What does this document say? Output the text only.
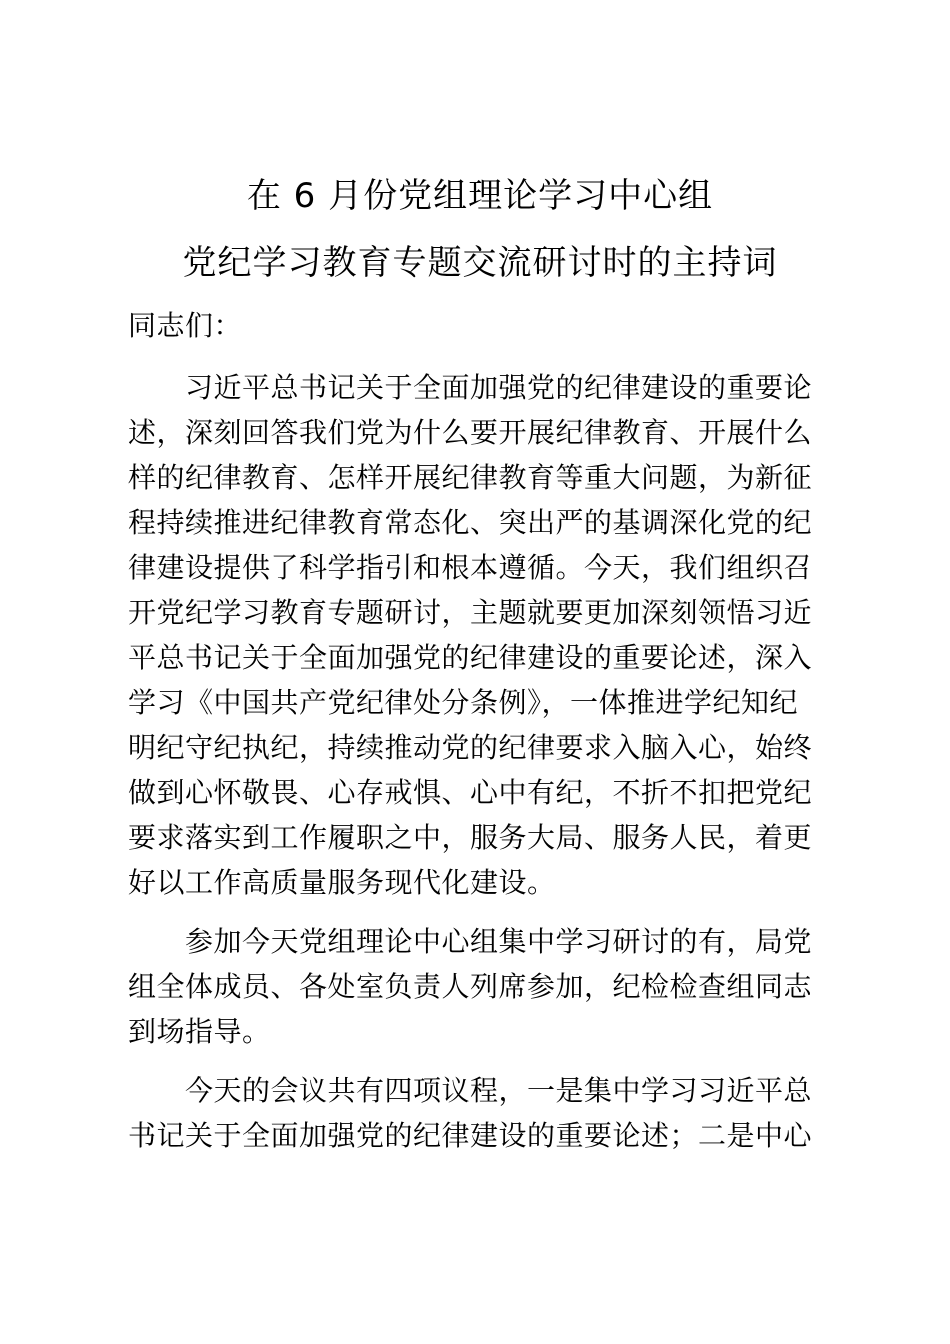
在 6 月份党组理论学习中心组
党纪学习教育专题交流研讨时的主持词
同志们：
习近平总书记关于全面加强党的纪律建设的重要论
述，深刻回答我们党为什么要开展纪律教育、开展什么
样的纪律教育、怎样开展纪律教育等重大问题，为新征
程持续推进纪律教育常态化、突出严的基调深化党的纪
律建设提供了科学指引和根本遵循。今天，我们组织召
开党纪学习教育专题研讨，主题就要更加深刻领悟习近
平总书记关于全面加强党的纪律建设的重要论述，深入
学习《中国共产党纪律处分条例》，一体推进学纪知纪
明纪守纪执纪，持续推动党的纪律要求入脑入心，始终
做到心怀敬畏、心存戒惧、心中有纪，不折不扣把党纪
要求落实到工作履职之中，服务大局、服务人民，着更
好以工作高质量服务现代化建设。
参加今天党组理论中心组集中学习研讨的有，局党
组全体成员、各处室负责人列席参加，纪检检查组同志
到场指导。
今天的会议共有四项议程，一是集中学习习近平总
书记关于全面加强党的纪律建设的重要论述；二是中心
